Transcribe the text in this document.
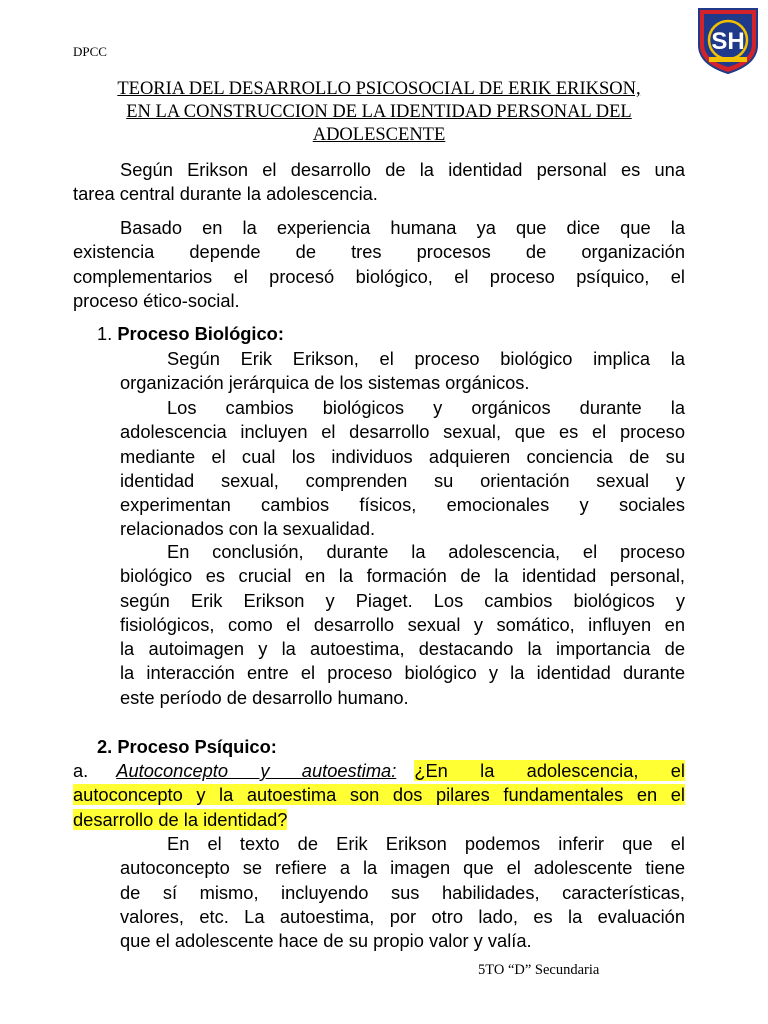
DPCC	SH
TEORIA DEL DESARROLLO PSICOSOCIAL DE ERIK ERIKSON,
EN LA CONSTRUCCION DE LA IDENTIDAD PERSONAL DEL
ADOLESCENTE
Según Erikson el desarrollo de la identidad personal es una
tarea central durante la adolescencia.
Basado en la experiencia humana ya que dice que la
existencia depende de tres procesos de organización
complementarios el procesó biológico, el proceso psíquico, el
proceso ético-social.
1. Proceso Biológico:
Según Erik Erikson, el proceso biológico implica la
organización jerárquica de los sistemas orgánicos.
Los cambios biológicos y orgánicos durante la
adolescencia incluyen el desarrollo sexual, que es el proceso
mediante el cual los individuos adquieren conciencia de su
identidad sexual, comprenden su orientación sexual y
experimentan cambios físicos, emocionales y sociales
relacionados con la sexualidad.
En conclusión, durante la adolescencia, el proceso
biológico es crucial en la formación de la identidad personal,
según Erik Erikson y Piaget. Los cambios biológicos y
fisiológicos, como el desarrollo sexual y somático, influyen en
la autoimagen y la autoestima, destacando la importancia de
la interacción entre el proceso biológico y la identidad durante
este período de desarrollo humano.
2. Proceso Psíquico:
a. Autoconcepto y autoestima: ¿En la adolescencia, el
autoconcepto y la autoestima son dos pilares fundamentales en el
desarrollo de la identidad?
En el texto de Erik Erikson podemos inferir que el
autoconcepto se refiere a la imagen que el adolescente tiene
de sí mismo, incluyendo sus habilidades, características,
valores, etc. La autoestima, por otro lado, es la evaluación
que el adolescente hace de su propio valor y valía.
5TO “D” Secundaria
